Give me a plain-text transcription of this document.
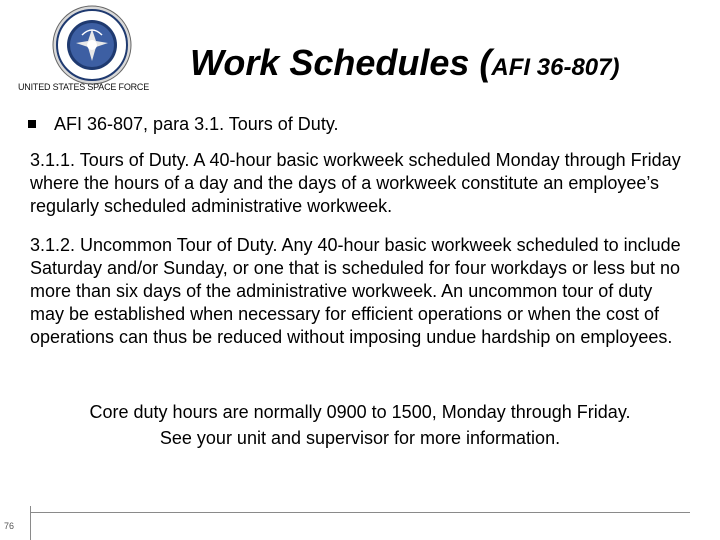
UNITED STATES SPACE FORCE
Work Schedules (AFI 36-807)
AFI 36-807, para 3.1. Tours of Duty.
3.1.1. Tours of Duty. A 40-hour basic workweek scheduled Monday through Friday where the hours of a day and the days of a workweek constitute an employee’s regularly scheduled administrative workweek.
3.1.2. Uncommon Tour of Duty. Any 40-hour basic workweek scheduled to include Saturday and/or Sunday, or one that is scheduled for four workdays or less but no more than six days of the administrative workweek. An uncommon tour of duty may be established when necessary for efficient operations or when the cost of operations can thus be reduced without imposing undue hardship on employees.
Core duty hours are normally 0900 to 1500, Monday through Friday.
See your unit and supervisor for more information.
76
